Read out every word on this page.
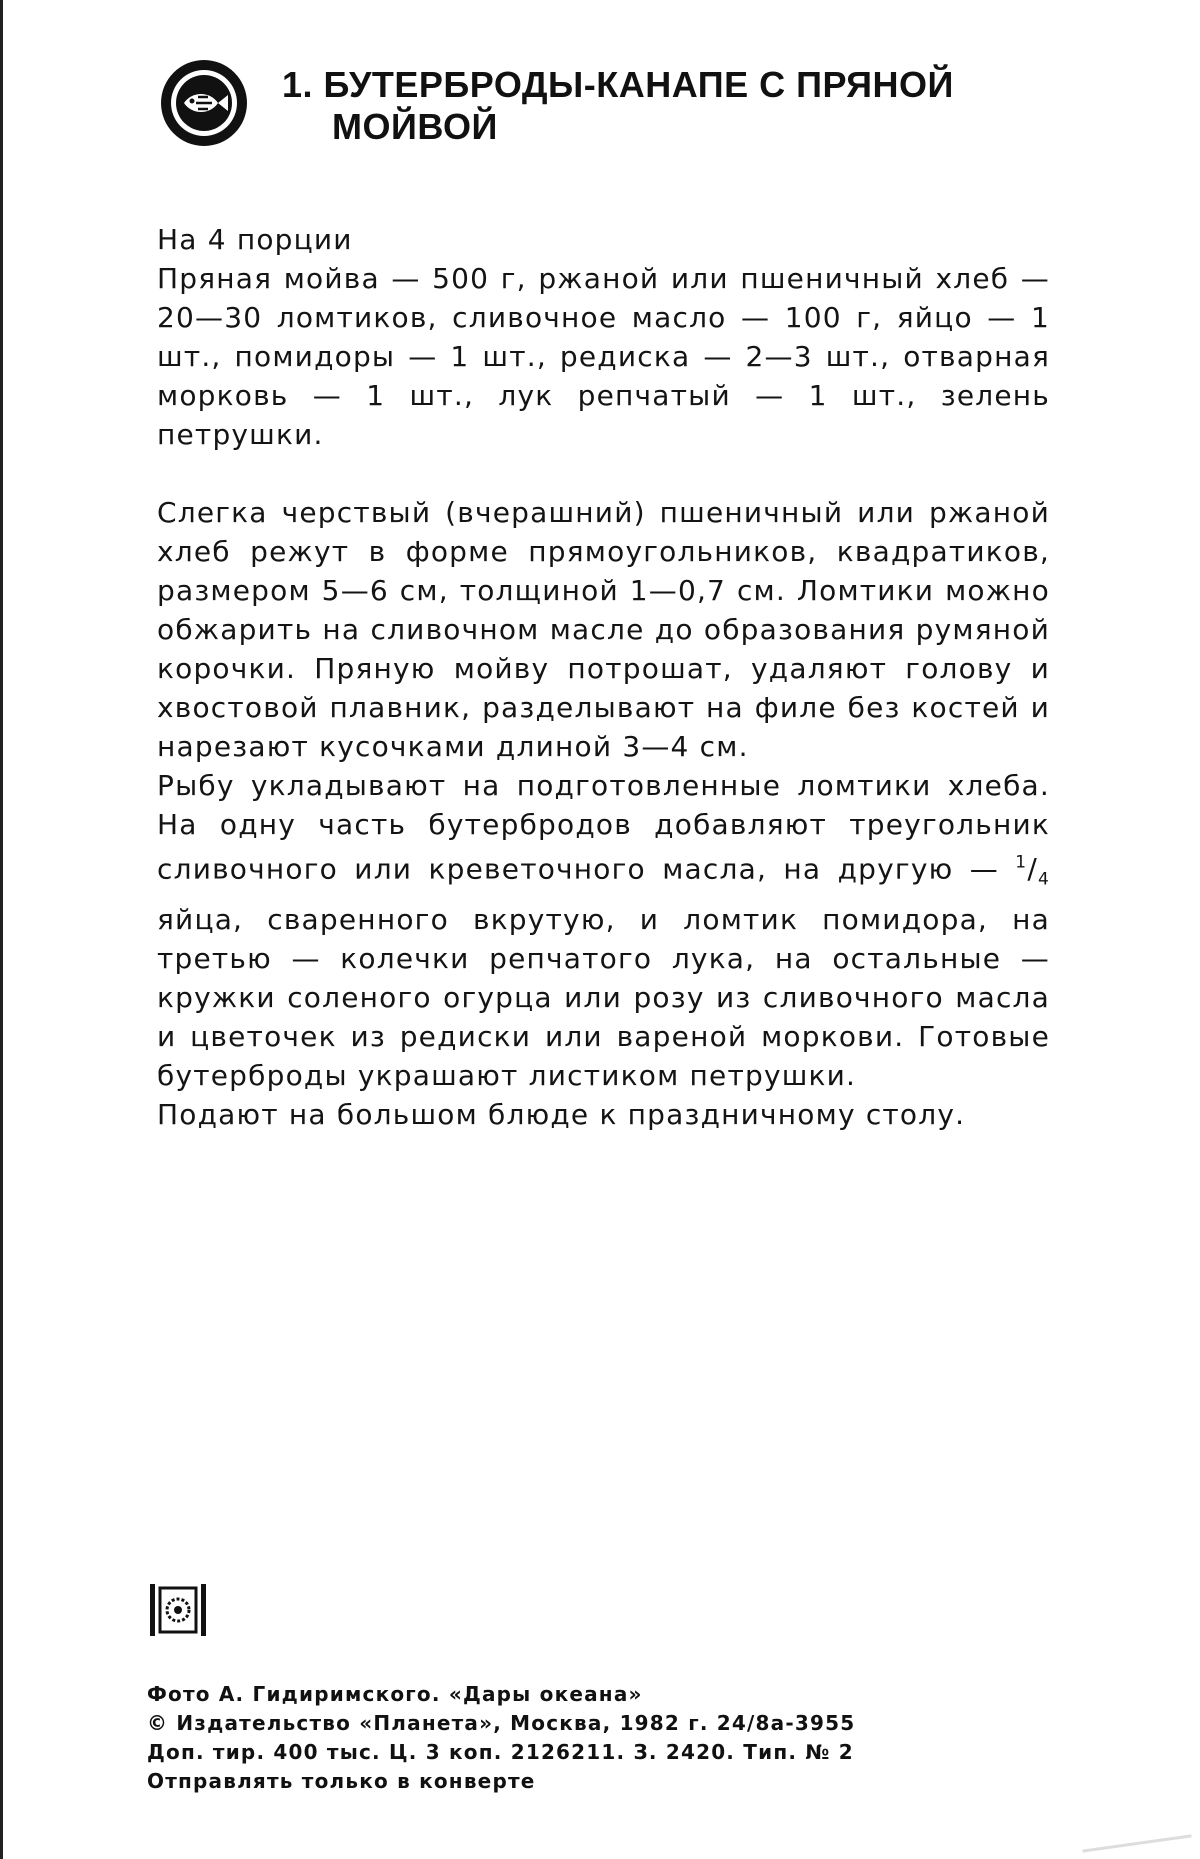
1. БУТЕРБРОДЫ-КАНАПЕ С ПРЯНОЙ
МОЙВОЙ

На 4 порции

Пряная мойва — 500 г, ржаной или пшеничный хлеб — 20—30 ломтиков, сливочное масло — 100 г, яйцо — 1 шт., помидоры — 1 шт., редиска — 2—3 шт., отварная морковь — 1 шт., лук репчатый — 1 шт., зелень петрушки.

Слегка черствый (вчерашний) пшеничный или ржаной хлеб режут в форме прямоугольников, квадратиков, размером 5—6 см, толщиной 1—0,7 см. Ломтики можно обжарить на сливочном масле до образования румяной корочки. Пряную мойву потрошат, удаляют голову и хвостовой плавник, разделывают на филе без костей и нарезают кусочками длиной 3—4 см.

Рыбу укладывают на подготовленные ломтики хлеба. На одну часть бутербродов добавляют треугольник сливочного или креветочного масла, на другую — 1/4 яйца, сваренного вкрутую, и ломтик помидора, на третью — колечки репчатого лука, на остальные — кружки соленого огурца или розу из сливочного масла и цветочек из редиски или вареной моркови. Готовые бутерброды украшают листиком петрушки.

Подают на большом блюде к праздничному столу.

Фото А. Гидиримского. «Дары океана»
© Издательство «Планета», Москва, 1982 г. 24/8а-3955
Доп. тир. 400 тыс. Ц. 3 коп. 2126211. З. 2420. Тип. № 2
Отправлять только в конверте
